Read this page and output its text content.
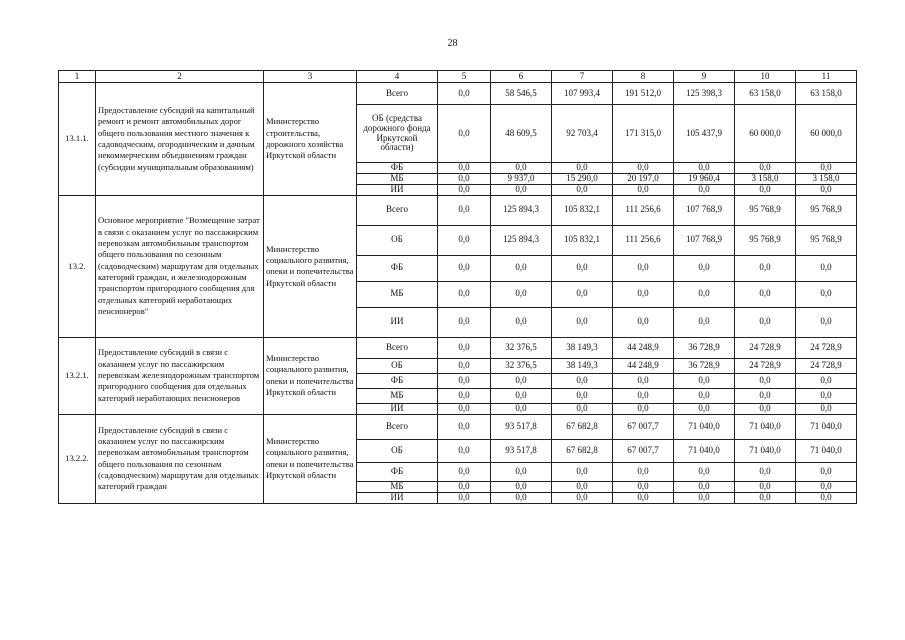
28
1	2	3	4	5	6	7	8	9	10	11
13.1.1.	Предоставление субсидий на капитальный ремонт и ремонт автомобильных дорог общего пользования местного значения к садоводческим, огородническим и дачным некоммерческим объединениям граждан (субсидии муниципальным образованиям)	Министерство строительства, дорожного хозяйства Иркутской области	Всего	0,0	58 546,5	107 993,4	191 512,0	125 398,3	63 158,0	63 158,0
			ОБ (средства дорожного фонда Иркутской области)	0,0	48 609,5	92 703,4	171 315,0	105 437,9	60 000,0	60 000,0
			ФБ	0,0	0,0	0,0	0,0	0,0	0,0	0,0
			МБ	0,0	9 937,0	15 290,0	20 197,0	19 960,4	3 158,0	3 158,0
			ИИ	0,0	0,0	0,0	0,0	0,0	0,0	0,0
13.2.	Основное мероприятие "Возмещение затрат в связи с оказанием услуг по пассажирским перевозкам автомобильным транспортом общего пользования по сезонным (садоводческим) маршрутам для отдельных категорий граждан, и железнодорожным транспортом пригородного сообщения для отдельных категорий неработающих пенсионеров"	Министерство социального развития, опеки и попечительства Иркутской области	Всего	0,0	125 894,3	105 832,1	111 256,6	107 768,9	95 768,9	95 768,9
			ОБ	0,0	125 894,3	105 832,1	111 256,6	107 768,9	95 768,9	95 768,9
			ФБ	0,0	0,0	0,0	0,0	0,0	0,0	0,0
			МБ	0,0	0,0	0,0	0,0	0,0	0,0	0,0
			ИИ	0,0	0,0	0,0	0,0	0,0	0,0	0,0
13.2.1.	Предоставление субсидий в связи с оказанием услуг по пассажирским перевозкам железнодорожным транспортом пригородного сообщения для отдельных категорий неработающих пенсионеров	Министерство социального развития, опеки и попечительства Иркутской области	Всего	0,0	32 376,5	38 149,3	44 248,9	36 728,9	24 728,9	24 728,9
			ОБ	0,0	32 376,5	38 149,3	44 248,9	36 728,9	24 728,9	24 728,9
			ФБ	0,0	0,0	0,0	0,0	0,0	0,0	0,0
			МБ	0,0	0,0	0,0	0,0	0,0	0,0	0,0
			ИИ	0,0	0,0	0,0	0,0	0,0	0,0	0,0
13.2.2.	Предоставление субсидий в связи с оказанием услуг по пассажирским перевозкам автомобильным транспортом общего пользования по сезонным (садоводческим) маршрутам для отдельных категорий граждан	Министерство социального развития, опеки и попечительства Иркутской области	Всего	0,0	93 517,8	67 682,8	67 007,7	71 040,0	71 040,0	71 040,0
			ОБ	0,0	93 517,8	67 682,8	67 007,7	71 040,0	71 040,0	71 040,0
			ФБ	0,0	0,0	0,0	0,0	0,0	0,0	0,0
			МБ	0,0	0,0	0,0	0,0	0,0	0,0	0,0
			ИИ	0,0	0,0	0,0	0,0	0,0	0,0	0,0
